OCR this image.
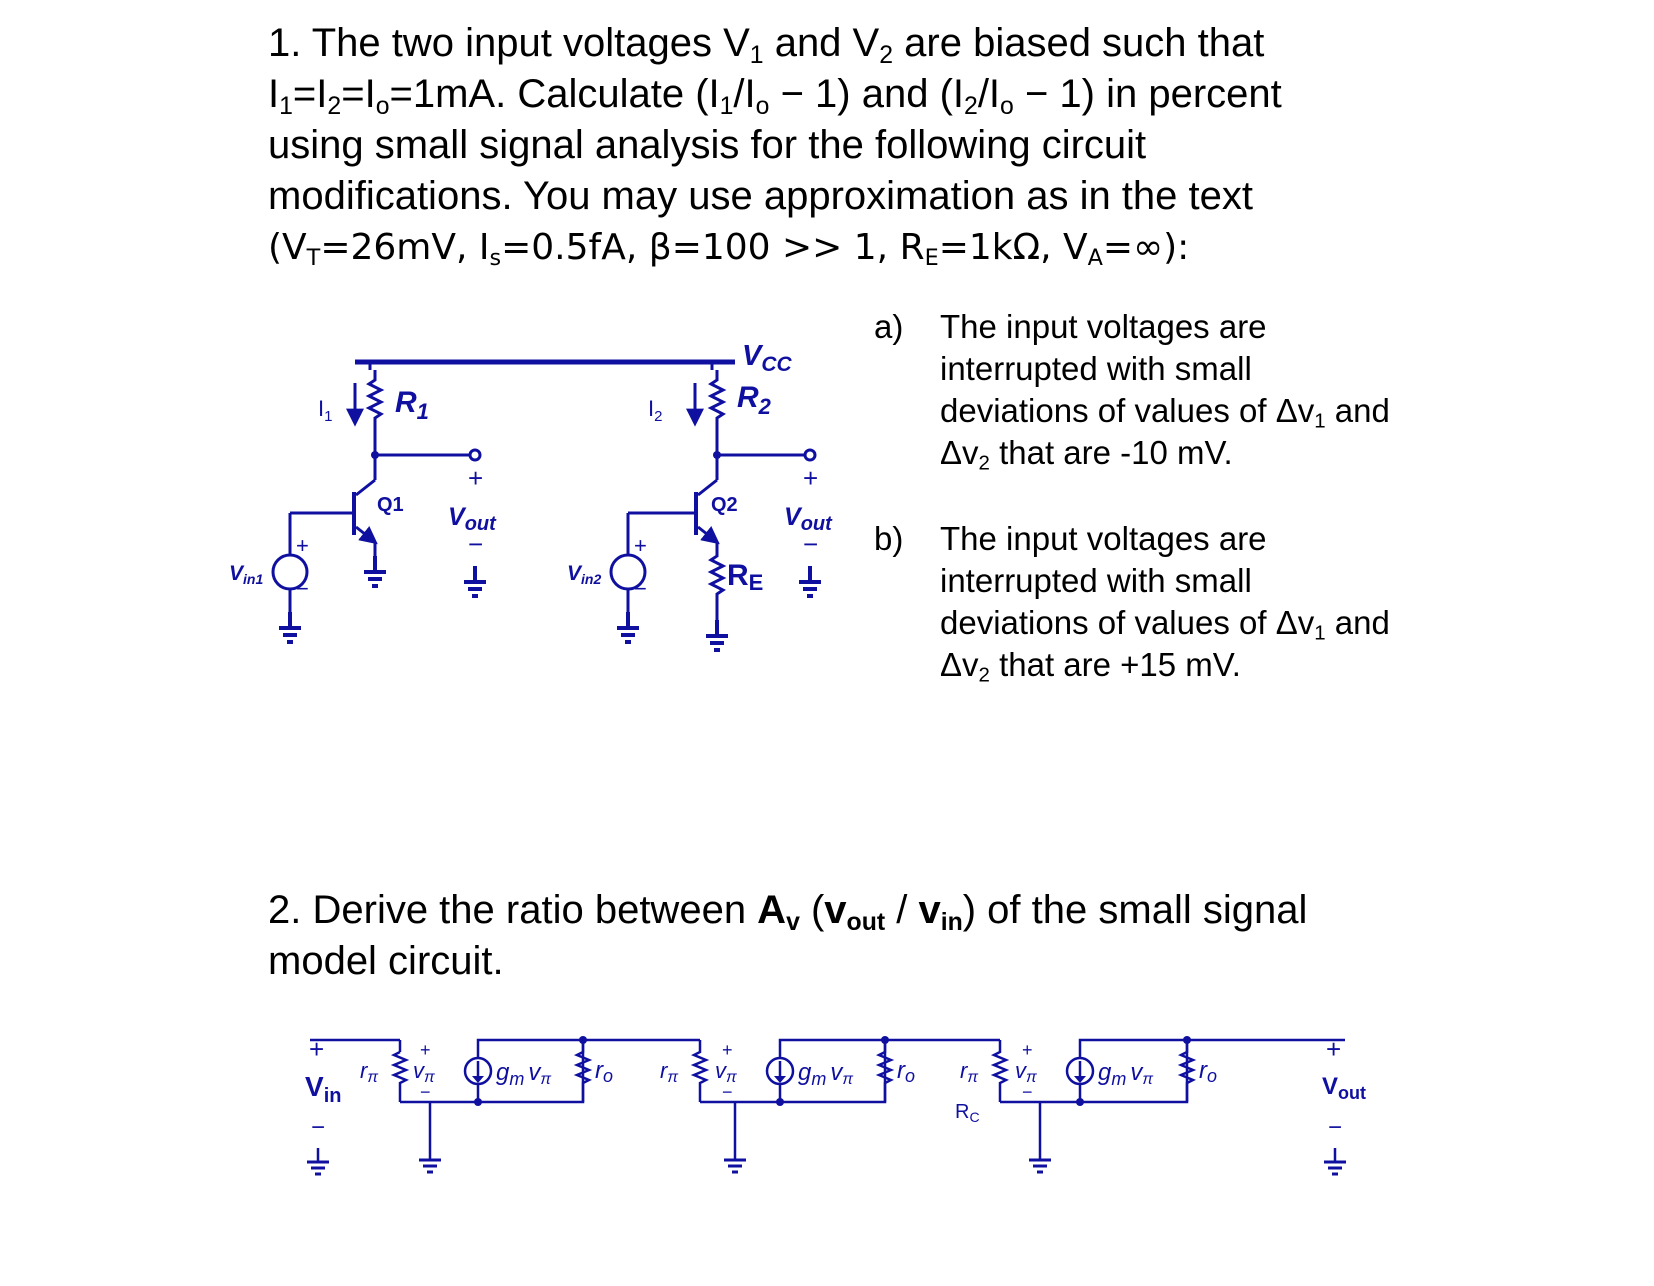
1. The two input voltages $V_1$ and $V_2$ are biased such that
$I_1=I_2=I_o=1mA$. Calculate $(I_1/I_o - 1)$ and $(I_2/I_o - 1)$ in percent
using small signal analysis for the following circuit
modifications. You may use approximation as in the text
($V_T=26mV$, $I_s=0.5fA$, β=100 >> 1, $R_E=1k\Omega$, $V_A=\infty$):
a)	The input voltages are
interrupted with small
deviations of values of $\Delta v_1$ and
$\Delta v_2$ that are -10 mV.
b)	The input voltages are
interrupted with small
deviations of values of $\Delta v_1$ and
$\Delta v_2$ that are +15 mV.
2. Derive the ratio between $A_v$ $(v_{out} / v_{in})$ of the small signal
model circuit.
$V_{CC}$
$I_1$ $R_1$	$I_2$
$R_2$
Q1	Q2
RE
+
$V_{out}$
−
+
$V_{out}$
−
Vin1
+
−
Vin2
+
−
+
$V_{in}$
−
rπ
+
vπ
−
$g_m$ vπ ro rπ
+
vπ
−
$g_m$ vπ ro rπ
$R_C$
+
vπ
−
$g_m$ vπ ro
+
$V_{out}$
−
